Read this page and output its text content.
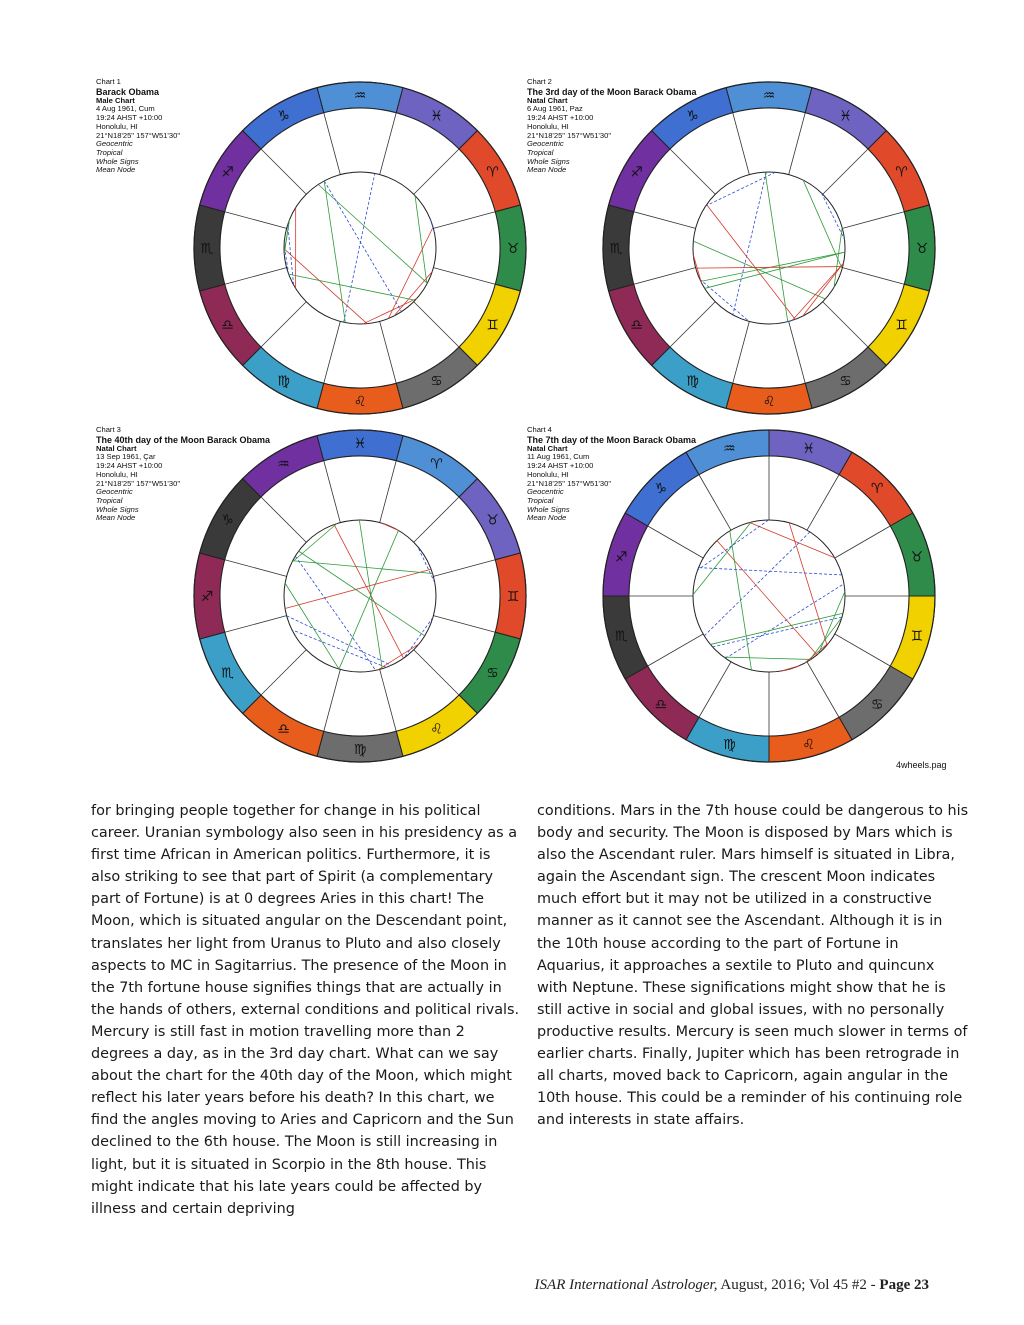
Chart 1
Barack Obama
Male Chart
4 Aug 1961, Cum
19:24 AHST +10:00
Honolulu, HI
21°N18'25" 157°W51'30"
Geocentric
Tropical
Whole Signs
Mean Node
♒
♓
♈
♉
♊
♋
♌
♍
♎
♏
♐
♑
Chart 2
The 3rd day of the Moon Barack Obama
Natal Chart
6 Aug 1961, Paz
19:24 AHST +10:00
Honolulu, HI
21°N18'25" 157°W51'30"
Geocentric
Tropical
Whole Signs
Mean Node
♒
♓
♈
♉
♊
♋
♌
♍
♎
♏
♐
♑
Chart 3
The 40th day of the Moon Barack Obama
Natal Chart
13 Sep 1961, Çar
19:24 AHST +10:00
Honolulu, HI
21°N18'25" 157°W51'30"
Geocentric
Tropical
Whole Signs
Mean Node
♈
♉
♊
♋
♌
♍
♎
♏
♐
♑
♒
♓
Chart 4
The 7th day of the Moon Barack Obama
Natal Chart
11 Aug 1961, Cum
19:24 AHST +10:00
Honolulu, HI
21°N18'25" 157°W51'30"
Geocentric
Tropical
Whole Signs
Mean Node
♒	♓
♈
♉
♊
♋
♌
♍
♎
♏
♐
♑
4wheels.pag

for bringing people together for change in his political career. Uranian symbology also seen in his presidency as a first time African in American politics. Furthermore, it is also striking to see that part of Spirit (a complementary part of Fortune) is at 0 degrees Aries in this chart! The Moon, which is situated angular on the Descendant point, translates her light from Uranus to Pluto and also closely aspects to MC in Sagitarrius. The presence of the Moon in the 7th fortune house signifies things that are actually in the hands of others, external conditions and political rivals. Mercury is still fast in motion travelling more than 2 degrees a day, as in the 3rd day chart. What can we say about the chart for the 40th day of the Moon, which might reflect his later years before his death? In this chart, we find the angles moving to Aries and Capricorn and the Sun declined to the 6th house. The Moon is still increasing in light, but it is situated in Scorpio in the 8th house. This might indicate that his late years could be affected by illness and certain depriving

conditions. Mars in the 7th house could be dangerous to his body and security. The Moon is disposed by Mars which is also the Ascendant ruler. Mars himself is situated in Libra, again the Ascendant sign. The crescent Moon indicates much effort but it may not be utilized in a constructive manner as it cannot see the Ascendant. Although it is in the 10th house according to the part of Fortune in Aquarius, it approaches a sextile to Pluto and quincunx with Neptune. These significations might show that he is still active in social and global issues, with no personally productive results. Mercury is seen much slower in terms of earlier charts. Finally, Jupiter which has been retrograde in all charts, moved back to Capricorn, again angular in the 10th house. This could be a reminder of his continuing role and interests in state affairs.

ISAR International Astrologer, August, 2016; Vol 45 #2 - Page 23
